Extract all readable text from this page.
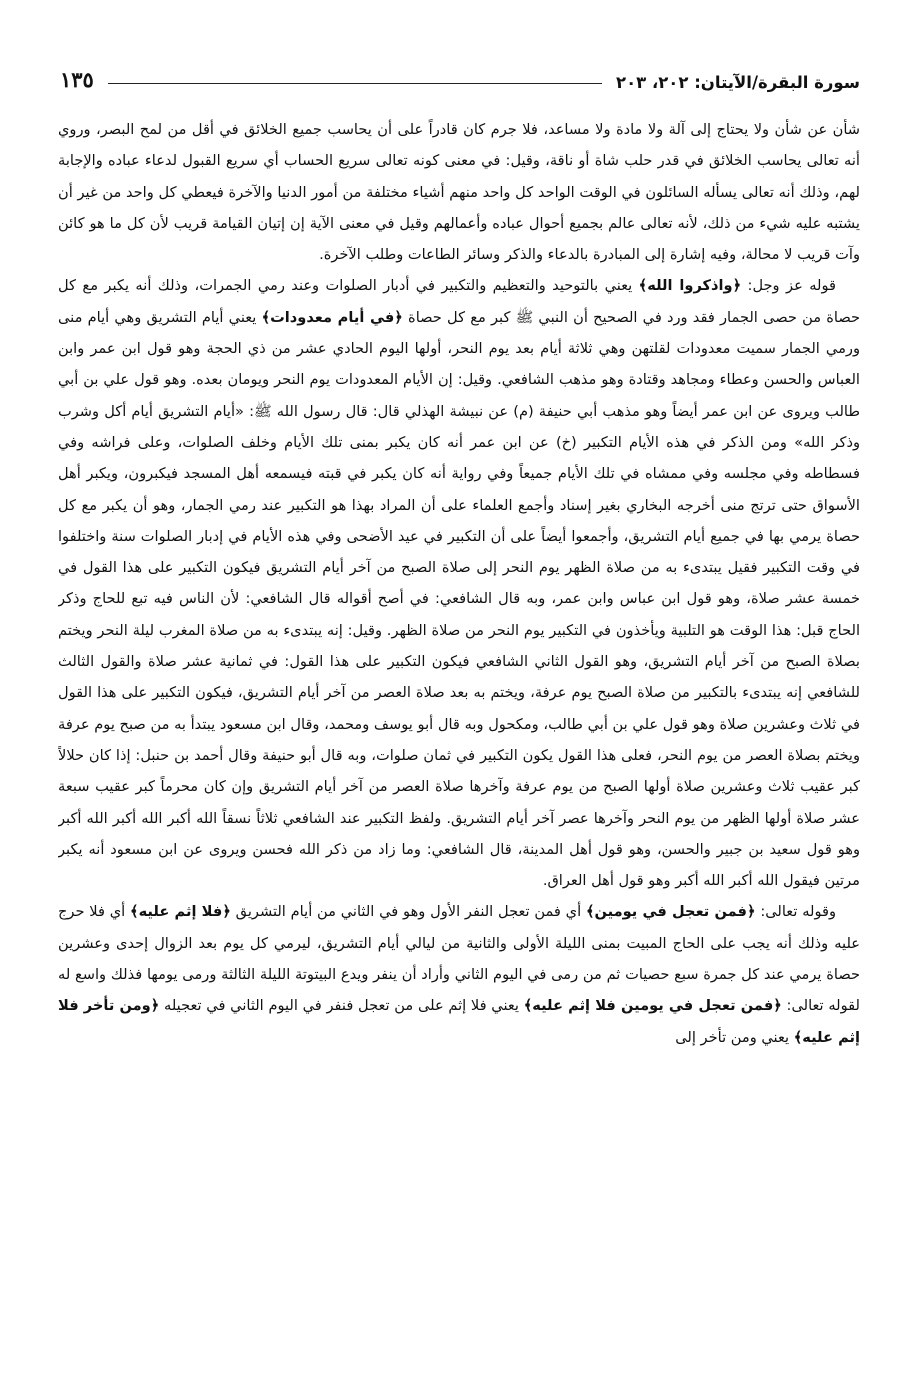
سورة البقرة/الآيتان: ٢٠٢، ٢٠٣
١٣٥

شأن عن شأن ولا يحتاج إلى آلة ولا مادة ولا مساعد، فلا جرم كان قادراً على أن يحاسب جميع الخلائق في أقل من لمح البصر، وروي أنه تعالى يحاسب الخلائق في قدر حلب شاة أو ناقة، وقيل: في معنى كونه تعالى سريع الحساب أي سريع القبول لدعاء عباده والإجابة لهم، وذلك أنه تعالى يسأله السائلون في الوقت الواحد كل واحد منهم أشياء مختلفة من أمور الدنيا والآخرة فيعطي كل واحد من غير أن يشتبه عليه شيء من ذلك، لأنه تعالى عالم بجميع أحوال عباده وأعمالهم وقيل في معنى الآية إن إتيان القيامة قريب لأن كل ما هو كائن وآت قريب لا محالة، وفيه إشارة إلى المبادرة بالدعاء والذكر وسائر الطاعات وطلب الآخرة.

قوله عز وجل: ﴿واذكروا الله﴾ يعني بالتوحيد والتعظيم والتكبير في أدبار الصلوات وعند رمي الجمرات، وذلك أنه يكبر مع كل حصاة من حصى الجمار فقد ورد في الصحيح أن النبي ﷺ كبر مع كل حصاة ﴿في أيام معدودات﴾ يعني أيام التشريق وهي أيام منى ورمي الجمار سميت معدودات لقلتهن وهي ثلاثة أيام بعد يوم النحر، أولها اليوم الحادي عشر من ذي الحجة وهو قول ابن عمر وابن العباس والحسن وعطاء ومجاهد وقتادة وهو مذهب الشافعي. وقيل: إن الأيام المعدودات يوم النحر ويومان بعده. وهو قول علي بن أبي طالب ويروى عن ابن عمر أيضاً وهو مذهب أبي حنيفة (م) عن نبيشة الهذلي قال: قال رسول الله ﷺ: «أيام التشريق أيام أكل وشرب وذكر الله» ومن الذكر في هذه الأيام التكبير (خ) عن ابن عمر أنه كان يكبر بمنى تلك الأيام وخلف الصلوات، وعلى فراشه وفي فسطاطه وفي مجلسه وفي ممشاه في تلك الأيام جميعاً وفي رواية أنه كان يكبر في قبته فيسمعه أهل المسجد فيكبرون، ويكبر أهل الأسواق حتى ترتج منى أخرجه البخاري بغير إسناد وأجمع العلماء على أن المراد بهذا هو التكبير عند رمي الجمار، وهو أن يكبر مع كل حصاة يرمي بها في جميع أيام التشريق، وأجمعوا أيضاً على أن التكبير في عيد الأضحى وفي هذه الأيام في إدبار الصلوات سنة واختلفوا في وقت التكبير فقيل يبتدىء به من صلاة الظهر يوم النحر إلى صلاة الصبح من آخر أيام التشريق فيكون التكبير على هذا القول في خمسة عشر صلاة، وهو قول ابن عباس وابن عمر، وبه قال الشافعي: في أصح أقواله قال الشافعي: لأن الناس فيه تبع للحاج وذكر الحاج قبل: هذا الوقت هو التلبية ويأخذون في التكبير يوم النحر من صلاة الظهر. وقيل: إنه يبتدىء به من صلاة المغرب ليلة النحر ويختم بصلاة الصبح من آخر أيام التشريق، وهو القول الثاني الشافعي فيكون التكبير على هذا القول: في ثمانية عشر صلاة والقول الثالث للشافعي إنه يبتدىء بالتكبير من صلاة الصبح يوم عرفة، ويختم به بعد صلاة العصر من آخر أيام التشريق، فيكون التكبير على هذا القول في ثلاث وعشرين صلاة وهو قول علي بن أبي طالب، ومكحول وبه قال أبو يوسف ومحمد، وقال ابن مسعود يبتدأ به من صبح يوم عرفة ويختم بصلاة العصر من يوم النحر، فعلى هذا القول يكون التكبير في ثمان صلوات، وبه قال أبو حنيفة وقال أحمد بن حنبل: إذا كان حلالاً كبر عقيب ثلاث وعشرين صلاة أولها الصبح من يوم عرفة وآخرها صلاة العصر من آخر أيام التشريق وإن كان محرماً كبر عقيب سبعة عشر صلاة أولها الظهر من يوم النحر وآخرها عصر آخر أيام التشريق. ولفظ التكبير عند الشافعي ثلاثاً نسقاً الله أكبر الله أكبر الله أكبر وهو قول سعيد بن جبير والحسن، وهو قول أهل المدينة، قال الشافعي: وما زاد من ذكر الله فحسن ويروى عن ابن مسعود أنه يكبر مرتين فيقول الله أكبر الله أكبر وهو قول أهل العراق.

وقوله تعالى: ﴿فمن تعجل في يومين﴾ أي فمن تعجل النفر الأول وهو في الثاني من أيام التشريق ﴿فلا إثم عليه﴾ أي فلا حرج عليه وذلك أنه يجب على الحاج المبيت بمنى الليلة الأولى والثانية من ليالي أيام التشريق، ليرمي كل يوم بعد الزوال إحدى وعشرين حصاة يرمي عند كل جمرة سبع حصيات ثم من رمى في اليوم الثاني وأراد أن ينفر ويدع البيتوتة الليلة الثالثة ورمى يومها فذلك واسع له لقوله تعالى: ﴿فمن تعجل في يومين فلا إثم عليه﴾ يعني فلا إثم على من تعجل فنفر في اليوم الثاني في تعجيله ﴿ومن تأخر فلا إثم عليه﴾ يعني ومن تأخر إلى
